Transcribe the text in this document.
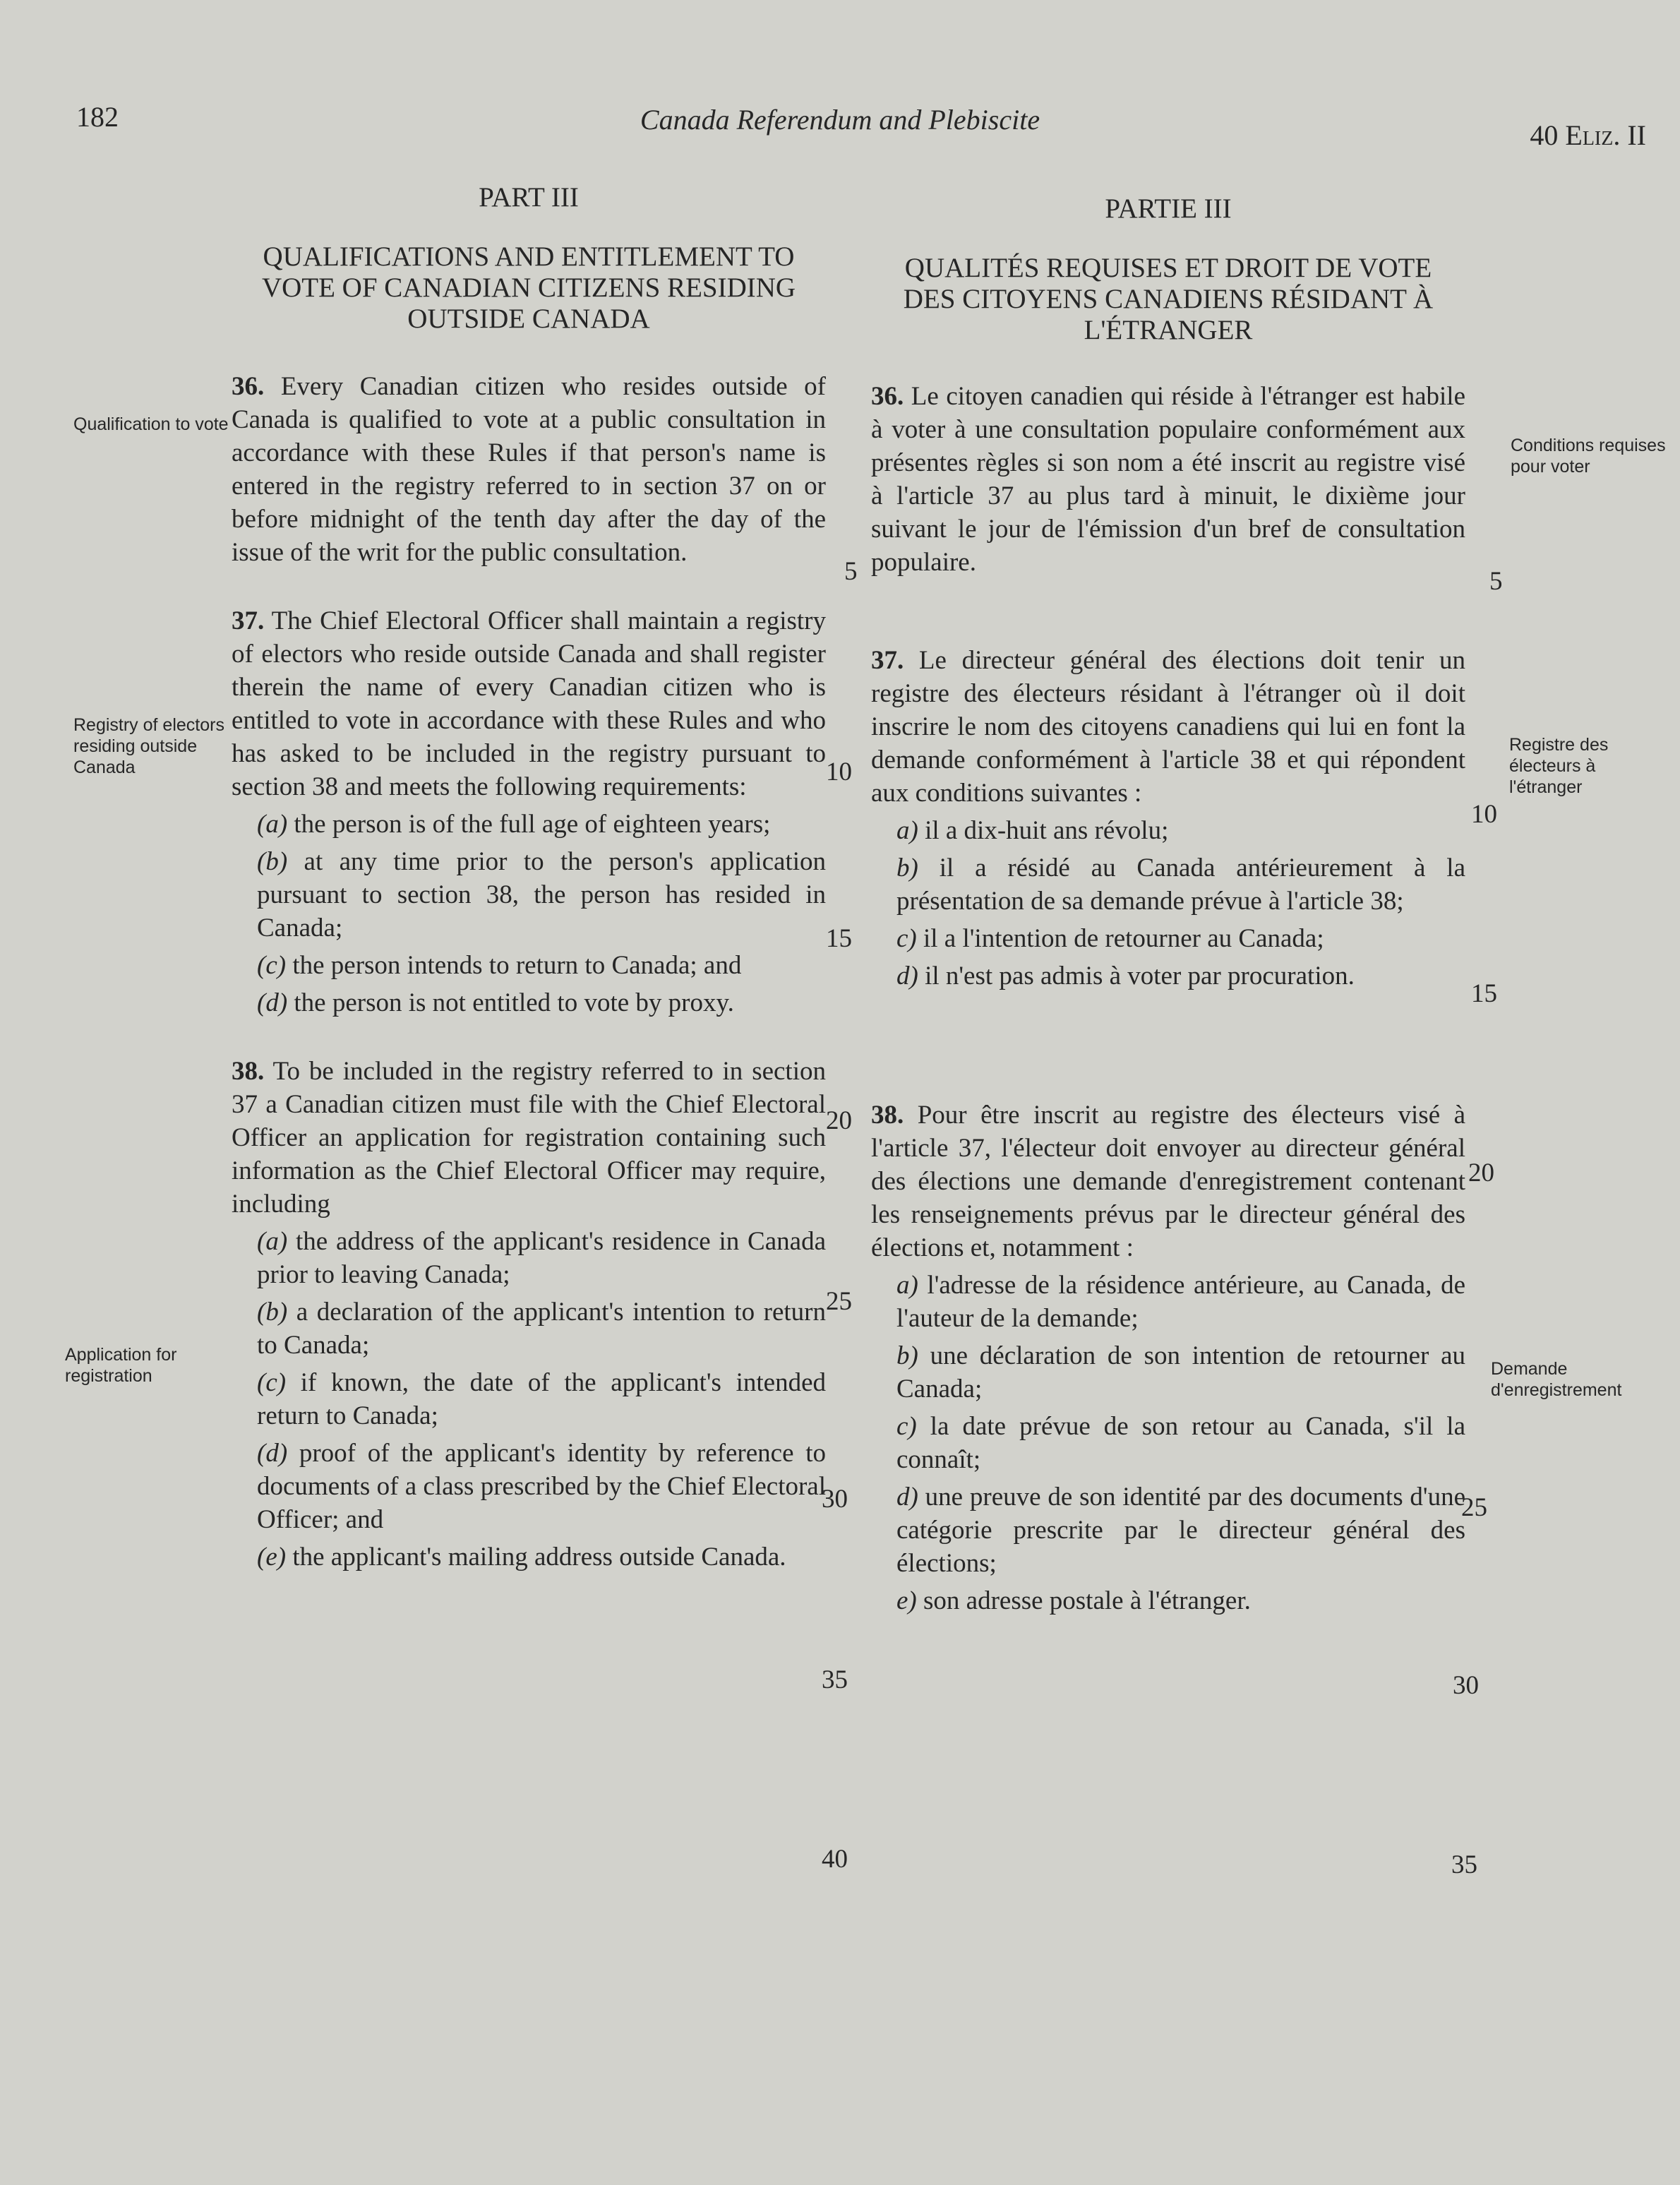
182	Canada Referendum and Plebiscite	40 Eliz. II
PART III
QUALIFICATIONS AND ENTITLEMENT TO VOTE OF CANADIAN CITIZENS RESIDING OUTSIDE CANADA
36. Every Canadian citizen who resides outside of Canada is qualified to vote at a public consultation in accordance with these Rules if that person's name is entered in the registry referred to in section 37 on or before midnight of the tenth day after the day of the issue of the writ for the public consultation.
37. The Chief Electoral Officer shall maintain a registry of electors who reside outside Canada and shall register therein the name of every Canadian citizen who is entitled to vote in accordance with these Rules and who has asked to be included in the registry pursuant to section 38 and meets the following requirements:
(a) the person is of the full age of eighteen years;
(b) at any time prior to the person's application pursuant to section 38, the person has resided in Canada;
(c) the person intends to return to Canada; and
(d) the person is not entitled to vote by proxy.
38. To be included in the registry referred to in section 37 a Canadian citizen must file with the Chief Electoral Officer an application for registration containing such information as the Chief Electoral Officer may require, including
(a) the address of the applicant's residence in Canada prior to leaving Canada;
(b) a declaration of the applicant's intention to return to Canada;
(c) if known, the date of the applicant's intended return to Canada;
(d) proof of the applicant's identity by reference to documents of a class prescribed by the Chief Electoral Officer; and
(e) the applicant's mailing address outside Canada.
Qualification to vote
Registry of electors residing outside Canada
Application for registration
5
10
15
20
25
30
35
40
PARTIE III
QUALITÉS REQUISES ET DROIT DE VOTE DES CITOYENS CANADIENS RÉSIDANT À L'ÉTRANGER
36. Le citoyen canadien qui réside à l'étranger est habile à voter à une consultation populaire conformément aux présentes règles si son nom a été inscrit au registre visé à l'article 37 au plus tard à minuit, le dixième jour suivant le jour de l'émission d'un bref de consultation populaire.
37. Le directeur général des élections doit tenir un registre des électeurs résidant à l'étranger où il doit inscrire le nom des citoyens canadiens qui lui en font la demande conformément à l'article 38 et qui répondent aux conditions suivantes :
a) il a dix-huit ans révolu;
b) il a résidé au Canada antérieurement à la présentation de sa demande prévue à l'article 38;
c) il a l'intention de retourner au Canada;
d) il n'est pas admis à voter par procuration.
38. Pour être inscrit au registre des électeurs visé à l'article 37, l'électeur doit envoyer au directeur général des élections une demande d'enregistrement contenant les renseignements prévus par le directeur général des élections et, notamment :
a) l'adresse de la résidence antérieure, au Canada, de l'auteur de la demande;
b) une déclaration de son intention de retourner au Canada;
c) la date prévue de son retour au Canada, s'il la connaît;
d) une preuve de son identité par des documents d'une catégorie prescrite par le directeur général des élections;
e) son adresse postale à l'étranger.
Conditions requises pour voter
Registre des électeurs à l'étranger
Demande d'enregistrement
5
10
15
20
25
30
35
